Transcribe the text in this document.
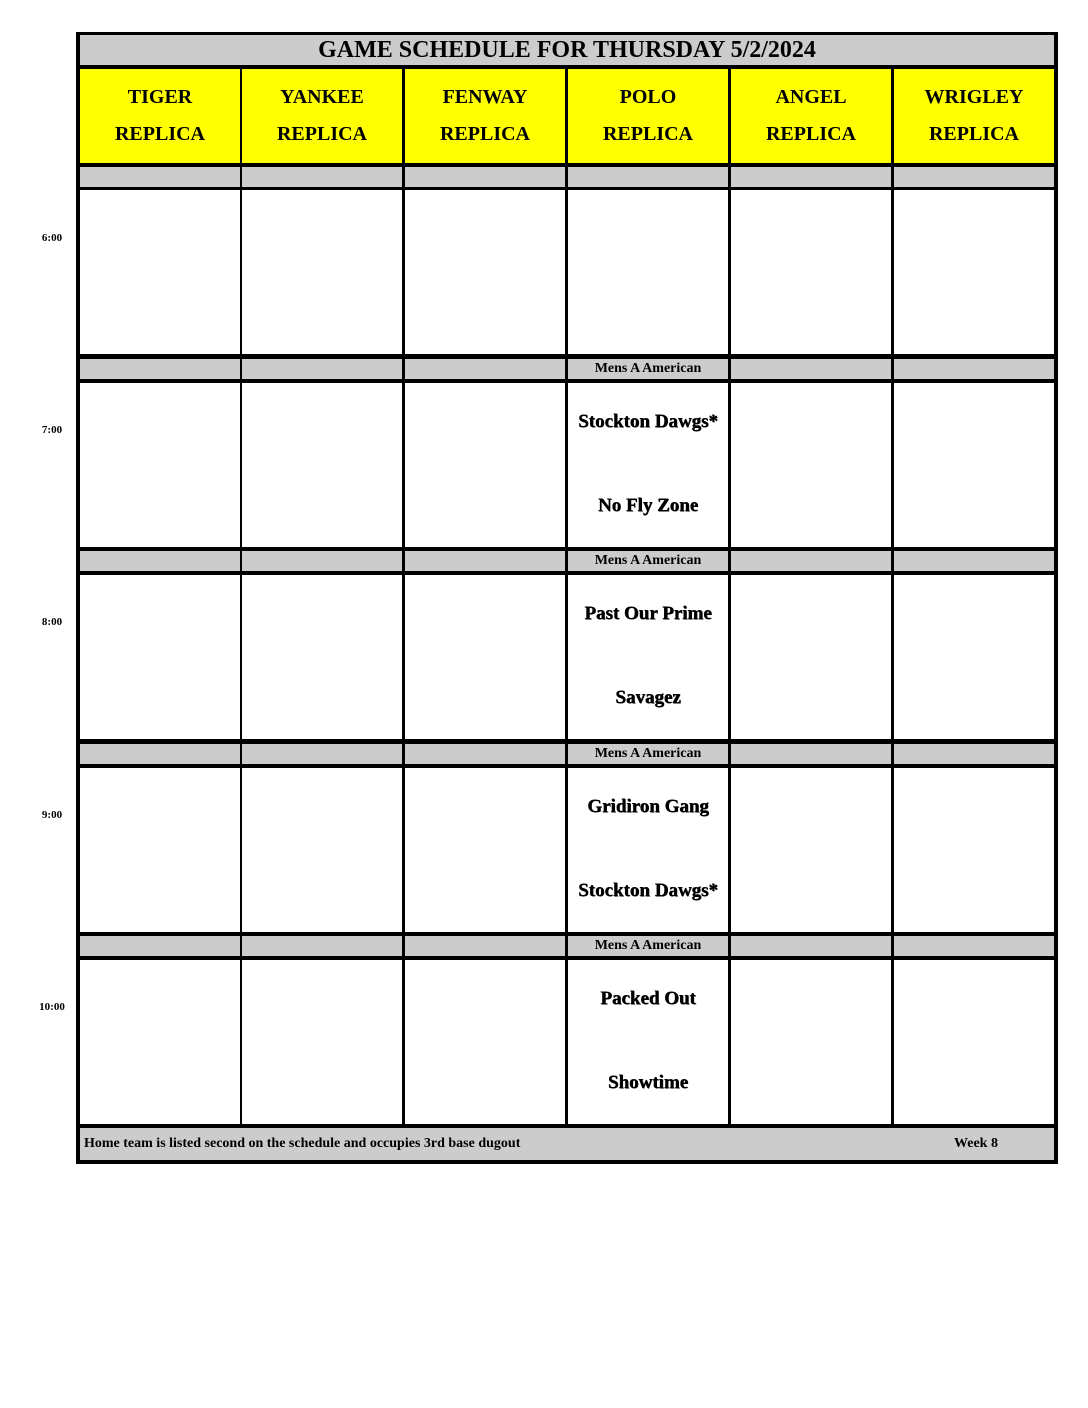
GAME SCHEDULE FOR THURSDAY 5/2/2024
TIGER
REPLICA
YANKEE
REPLICA
FENWAY
REPLICA
POLO
REPLICA
ANGEL
REPLICA
WRIGLEY
REPLICA
Mens A American
Stockton Dawgs*
No Fly Zone
Mens A American
Past Our Prime
Savagez
Mens A American
Gridiron Gang
Stockton Dawgs*
Mens A American
Packed Out
Showtime
Home team is listed second on the schedule and occupies 3rd base dugout	Week 8
6:00
7:00
8:00
9:00
10:00
